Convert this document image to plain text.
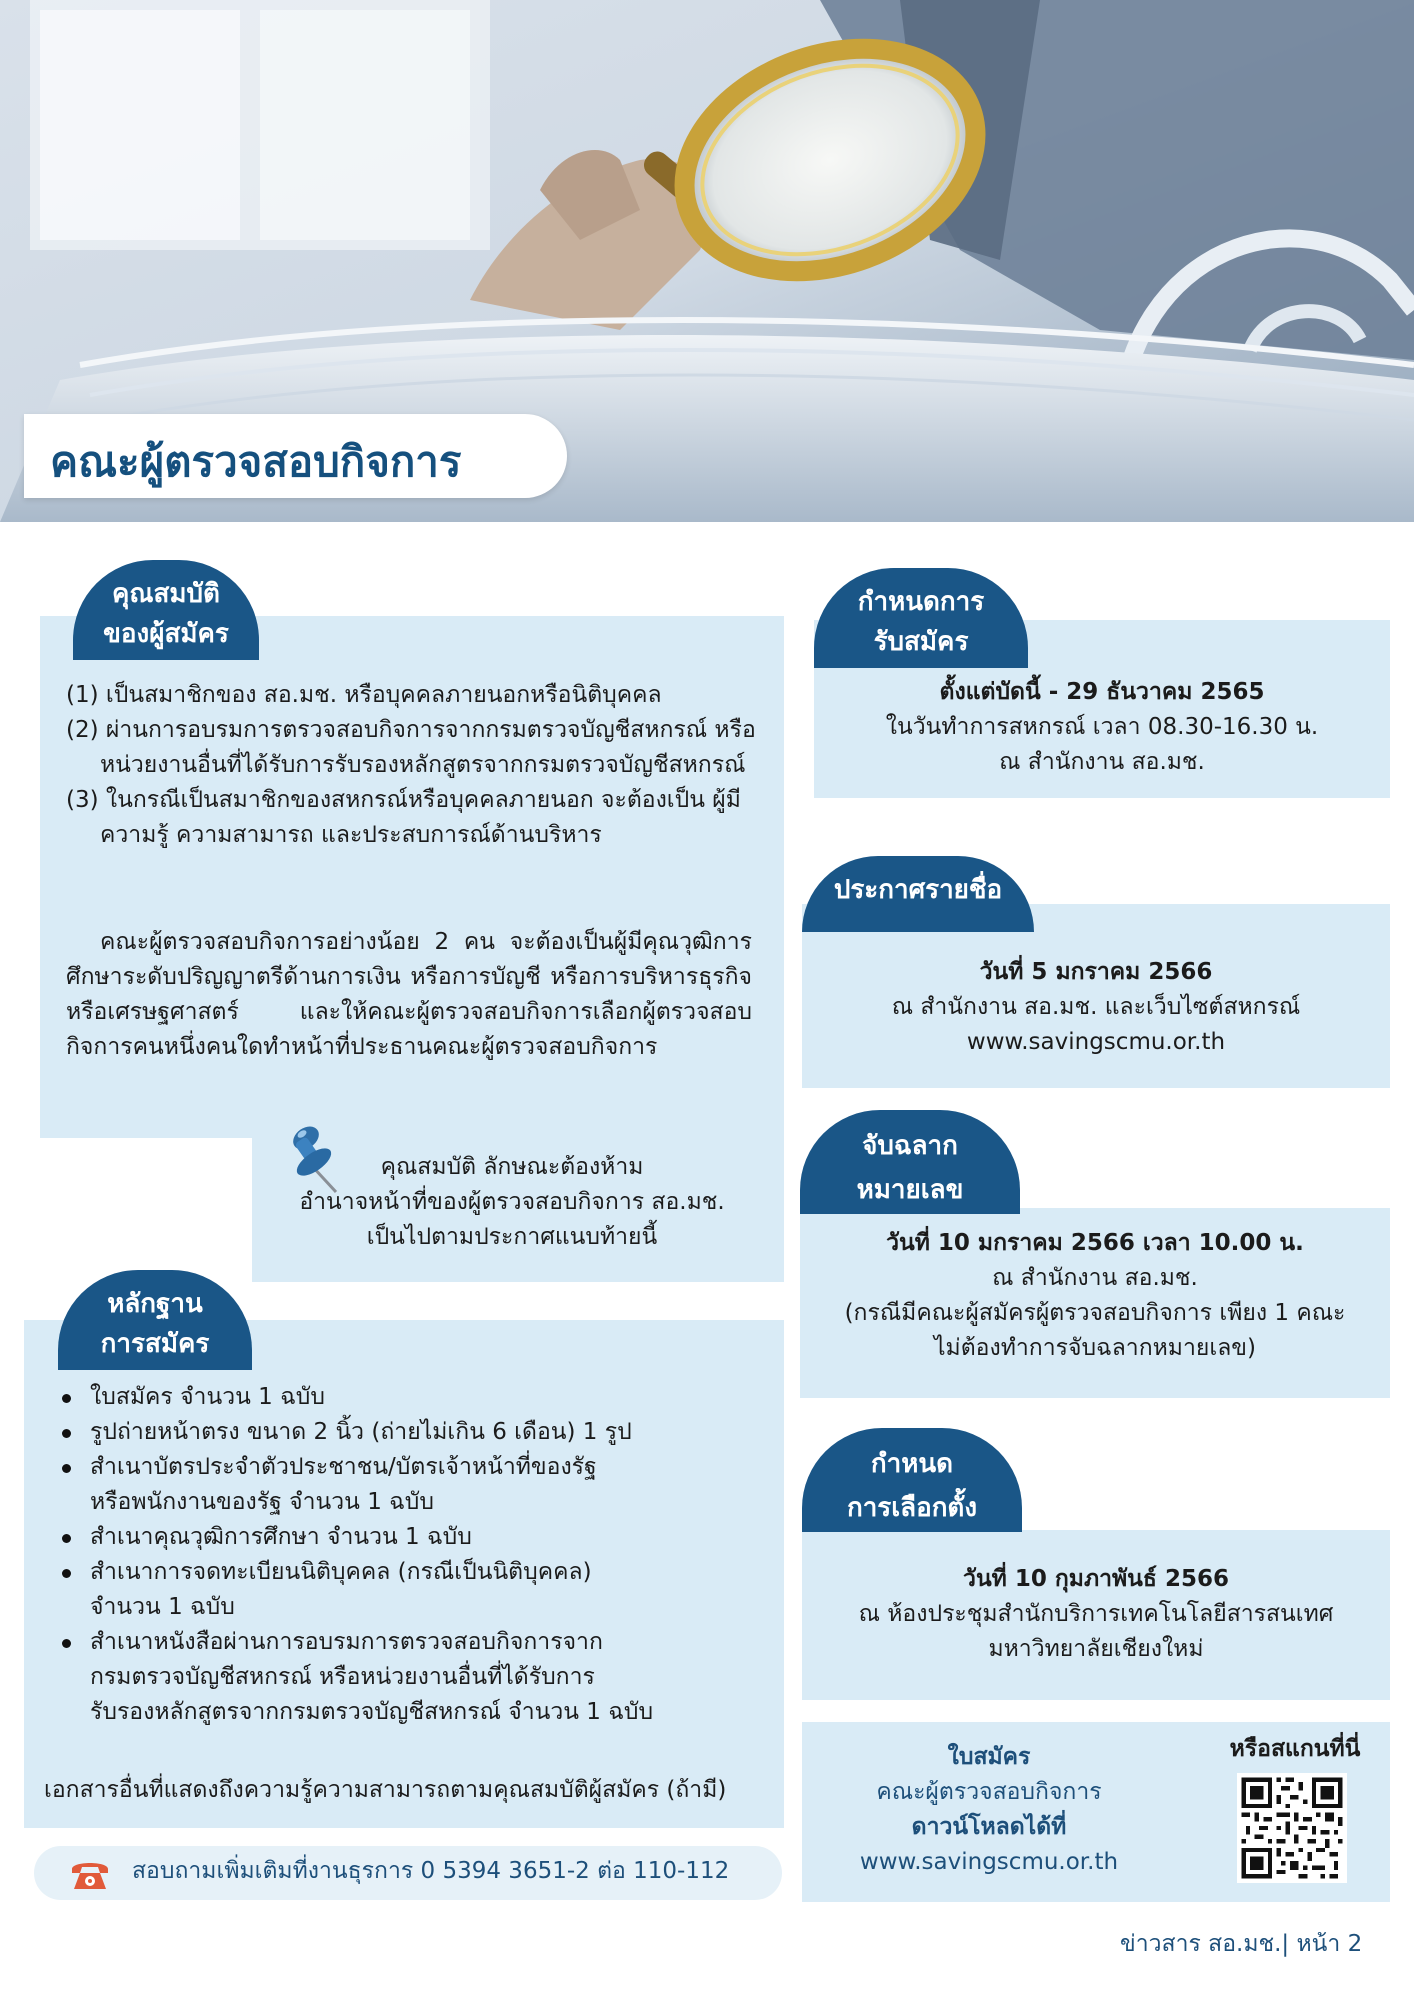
คณะผู้ตรวจสอบกิจการ
คุณสมบัติ
ของผู้สมัคร
(1) เป็นสมาชิกของ สอ.มช. หรือบุคคลภายนอกหรือนิติบุคคล
(2) ผ่านการอบรมการตรวจสอบกิจการจากกรมตรวจบัญชีสหกรณ์ หรือหน่วยงานอื่นที่ได้รับการรับรองหลักสูตรจากกรมตรวจบัญชีสหกรณ์
(3) ในกรณีเป็นสมาชิกของสหกรณ์หรือบุคคลภายนอก จะต้องเป็น ผู้มีความรู้ ความสามารถ และประสบการณ์ด้านบริหาร
คณะผู้ตรวจสอบกิจการอย่างน้อย 2 คน จะต้องเป็นผู้มีคุณวุฒิการศึกษาระดับปริญญาตรีด้านการเงิน หรือการบัญชี หรือการบริหารธุรกิจ หรือเศรษฐศาสตร์ และให้คณะผู้ตรวจสอบกิจการเลือกผู้ตรวจสอบกิจการคนหนึ่งคนใดทำหน้าที่ประธานคณะผู้ตรวจสอบกิจการ
คุณสมบัติ ลักษณะต้องห้าม
อำนาจหน้าที่ของผู้ตรวจสอบกิจการ สอ.มช.
เป็นไปตามประกาศแนบท้ายนี้
หลักฐาน
การสมัคร
ใบสมัคร จำนวน 1 ฉบับ
รูปถ่ายหน้าตรง ขนาด 2 นิ้ว (ถ่ายไม่เกิน 6 เดือน) 1 รูป
สำเนาบัตรประจำตัวประชาชน/บัตรเจ้าหน้าที่ของรัฐ
หรือพนักงานของรัฐ จำนวน 1 ฉบับ
สำเนาคุณวุฒิการศึกษา จำนวน 1 ฉบับ
สำเนาการจดทะเบียนนิติบุคคล (กรณีเป็นนิติบุคคล)
จำนวน 1 ฉบับ
สำเนาหนังสือผ่านการอบรมการตรวจสอบกิจการจาก
กรมตรวจบัญชีสหกรณ์ หรือหน่วยงานอื่นที่ได้รับการ
รับรองหลักสูตรจากกรมตรวจบัญชีสหกรณ์ จำนวน 1 ฉบับ
เอกสารอื่นที่แสดงถึงความรู้ความสามารถตามคุณสมบัติผู้สมัคร (ถ้ามี)
สอบถามเพิ่มเติมที่งานธุรการ 0 5394 3651-2 ต่อ 110-112
กำหนดการ
รับสมัคร
ตั้งแต่บัดนี้ - 29 ธันวาคม 2565
ในวันทำการสหกรณ์ เวลา 08.30-16.30 น.
ณ สำนักงาน สอ.มช.
ประกาศรายชื่อ
วันที่ 5 มกราคม 2566
ณ สำนักงาน สอ.มช. และเว็บไซต์สหกรณ์
www.savingscmu.or.th
จับฉลาก
หมายเลข
วันที่ 10 มกราคม 2566 เวลา 10.00 น.
ณ สำนักงาน สอ.มช.
(กรณีมีคณะผู้สมัครผู้ตรวจสอบกิจการ เพียง 1 คณะ
ไม่ต้องทำการจับฉลากหมายเลข)
กำหนด
การเลือกตั้ง
วันที่ 10 กุมภาพันธ์ 2566
ณ ห้องประชุมสำนักบริการเทคโนโลยีสารสนเทศ
มหาวิทยาลัยเชียงใหม่
ใบสมัคร
คณะผู้ตรวจสอบกิจการ
ดาวน์โหลดได้ที่
www.savingscmu.or.th
หรือสแกนที่นี่
ข่าวสาร สอ.มช.| หน้า 2
